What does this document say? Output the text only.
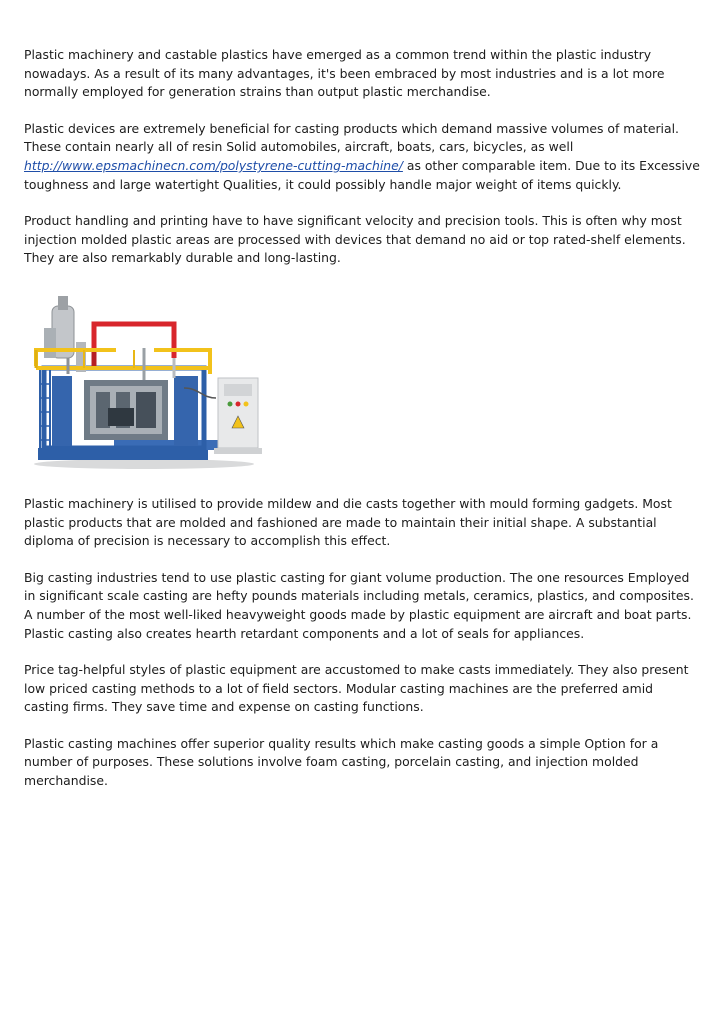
Plastic machinery and castable plastics have emerged as a common trend within the plastic industry nowadays. As a result of its many advantages, it's been embraced by most industries and is a lot more normally employed for generation strains than output plastic merchandise.

Plastic devices are extremely beneficial for casting products which demand massive volumes of material. These contain nearly all of resin Solid automobiles, aircraft, boats, cars, bicycles, as well http://www.epsmachinecn.com/polystyrene-cutting-machine/ as other comparable item. Due to its Excessive toughness and large watertight Qualities, it could possibly handle major weight of items quickly.

Product handling and printing have to have significant velocity and precision tools. This is often why most injection molded plastic areas are processed with devices that demand no aid or top rated-shelf elements. They are also remarkably durable and long-lasting.

Plastic machinery is utilised to provide mildew and die casts together with mould forming gadgets. Most plastic products that are molded and fashioned are made to maintain their initial shape. A substantial diploma of precision is necessary to accomplish this effect.

Big casting industries tend to use plastic casting for giant volume production. The one resources Employed in significant scale casting are hefty pounds materials including metals, ceramics, plastics, and composites. A number of the most well-liked heavyweight goods made by plastic equipment are aircraft and boat parts. Plastic casting also creates hearth retardant components and a lot of seals for appliances.

Price tag-helpful styles of plastic equipment are accustomed to make casts immediately. They also present low priced casting methods to a lot of field sectors. Modular casting machines are the preferred amid casting firms. They save time and expense on casting functions.

Plastic casting machines offer superior quality results which make casting goods a simple Option for a number of purposes. These solutions involve foam casting, porcelain casting, and injection molded merchandise.
